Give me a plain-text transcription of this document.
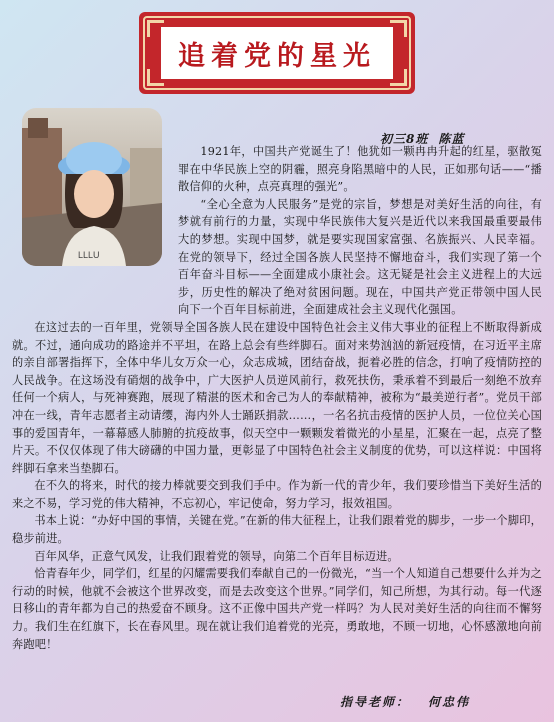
追着党的星光
LLLU
初三8班 陈蓝

1921年，中国共产党诞生了！他犹如一颗冉冉升起的红星，驱散冤罪在中华民族上空的阴霾，照亮身陷黑暗中的人民，正如那句话——“播散信仰的火种，点亮真理的强光”。

“全心全意为人民服务”是党的宗旨，梦想是对美好生活的向往，有梦就有前行的力量，实现中华民族伟大复兴是近代以来我国最重要最伟大的梦想。实现中国梦，就是要实现国家富强、名族振兴、人民幸福。在党的领导下，经过全国各族人民坚持不懈地奋斗，我们实现了第一个百年奋斗目标——全面建成小康社会。这无疑是社会主义进程上的大远步，历史性的解决了绝对贫困问题。现在，中国共产党正带领中国人民向下一个百年目标前进，全面建成社会主义现代化强国。

在这过去的一百年里，党领导全国各族人民在建设中国特色社会主义伟大事业的征程上不断取得新成就。不过，通向成功的路途并不平坦，在路上总会有些绊脚石。面对来势汹汹的新冠疫情，在习近平主席的亲自部署指挥下，全体中华儿女万众一心，众志成城，团结奋战，扼着必胜的信念，打响了疫情防控的人民战争。在这场没有硝烟的战争中，广大医护人员逆风前行，救死扶伤，秉承着不到最后一刻绝不放弃任何一个病人，与死神赛跑，展现了精湛的医术和舍己为人的奉献精神，被称为“最美逆行者”。党员干部冲在一线，青年志愿者主动请缨，海内外人士踊跃捐款……，一名名抗击疫情的医护人员，一位位关心国事的爱国青年，一幕幕感人肺腑的抗疫故事，似天空中一颗颗发着微光的小星星，汇聚在一起，点亮了整片天。不仅仅体现了伟大磅礴的中国力量，更彰显了中国特色社会主义制度的优势，可以这样说：中国将绊脚石拿来当垫脚石。

在不久的将来，时代的接力棒就要交到我们手中。作为新一代的青少年，我们要珍惜当下美好生活的来之不易，学习党的伟大精神，不忘初心，牢记使命，努力学习，报效祖国。

书本上说：“办好中国的事情，关键在党。”在新的伟大征程上，让我们跟着党的脚步，一步一个脚印，稳步前进。

百年风华，正意气风发，让我们跟着党的领导，向第二个百年目标迈进。

恰青春年少，同学们，红星的闪耀需要我们奉献自己的一份微光，“当一个人知道自己想要什么并为之行动的时候，他就不会被这个世界改变，而是去改变这个世界。”同学们，知己所想，为其行动。每一代逐日移山的青年都为自己的热爱奋不顾身。这不正像中国共产党一样吗？为人民对美好生活的向往而不懈努力。我们生在红旗下，长在春风里。现在就让我们追着党的光亮，勇敢地，不顾一切地，心怀感激地向前奔跑吧！

指导老师： 何忠伟
